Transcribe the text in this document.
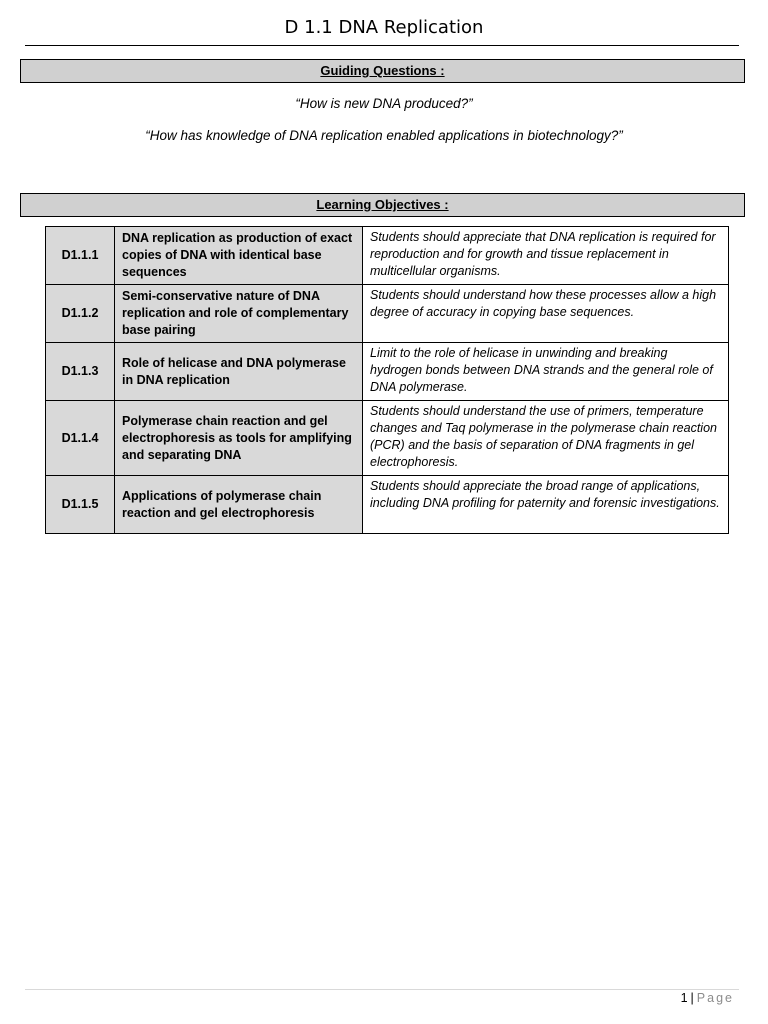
D 1.1 DNA Replication
Guiding Questions :
“How is new DNA produced?”
“How has knowledge of DNA replication enabled applications in biotechnology?”
Learning Objectives :
D1.1.1	DNA replication as production of exact copies of DNA with identical base sequences	Students should appreciate that DNA replication is required for reproduction and for growth and tissue replacement in multicellular organisms.
D1.1.2	Semi-conservative nature of DNA replication and role of complementary base pairing	Students should understand how these processes allow a high degree of accuracy in copying base sequences.
D1.1.3	Role of helicase and DNA polymerase in DNA replication	Limit to the role of helicase in unwinding and breaking hydrogen bonds between DNA strands and the general role of DNA polymerase.
D1.1.4	Polymerase chain reaction and gel electrophoresis as tools for amplifying and separating DNA	Students should understand the use of primers, temperature changes and Taq polymerase in the polymerase chain reaction (PCR) and the basis of separation of DNA fragments in gel electrophoresis.
D1.1.5	Applications of polymerase chain reaction and gel electrophoresis	Students should appreciate the broad range of applications, including DNA profiling for paternity and forensic investigations.
1 | Page
